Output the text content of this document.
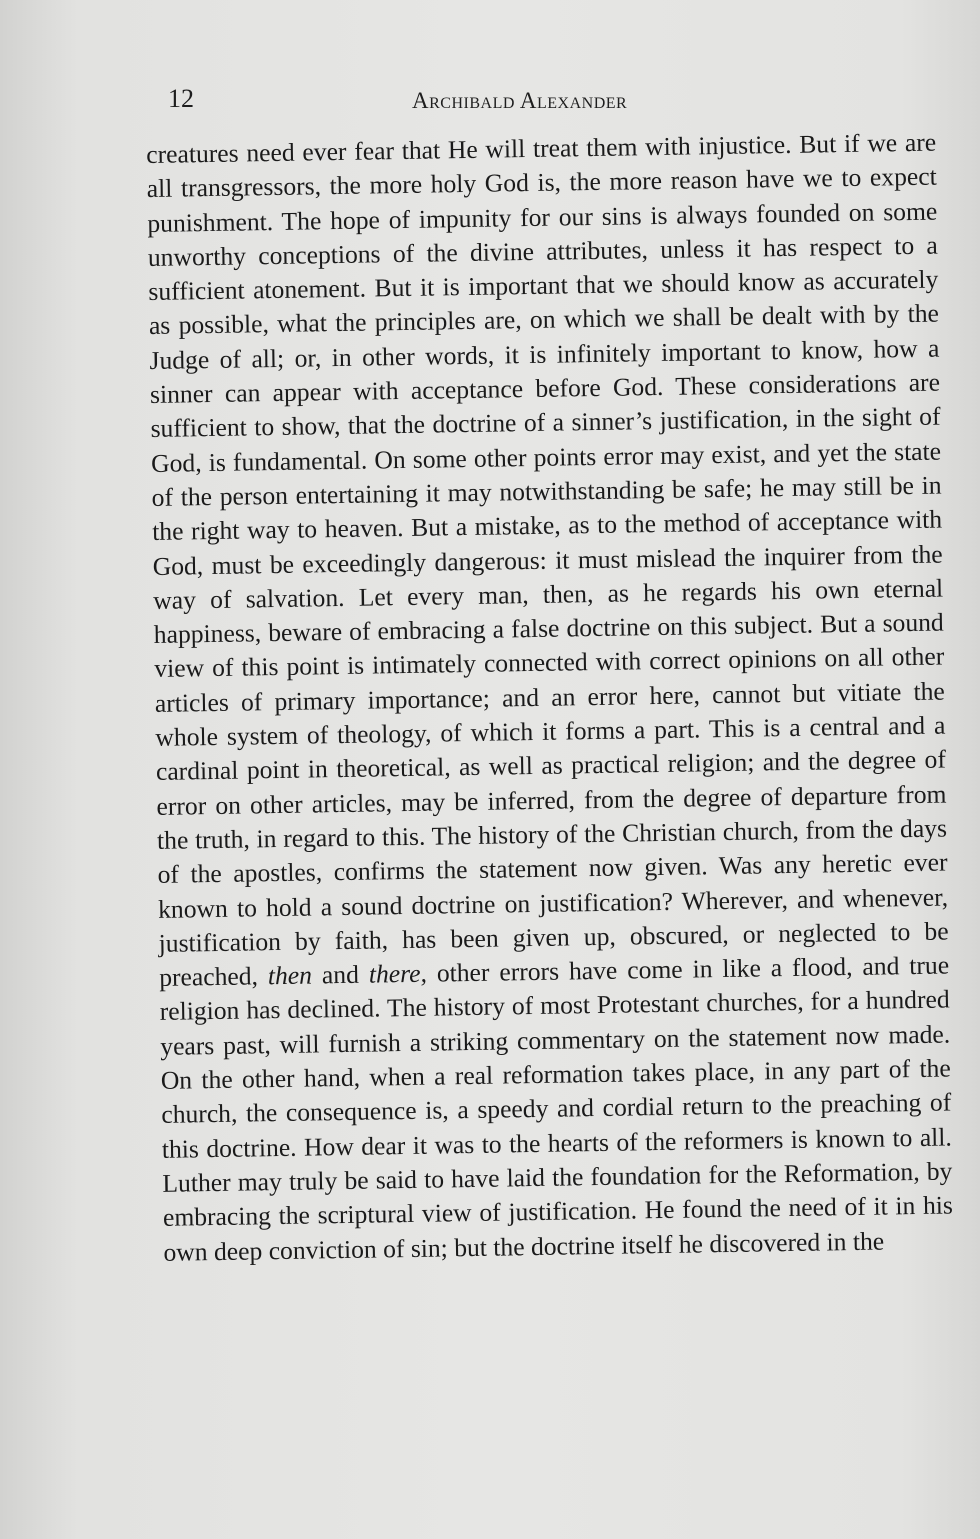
12	Archibald Alexander

creatures need ever fear that He will treat them with injustice. But if we are all transgressors, the more holy God is, the more reason have we to expect punishment. The hope of impunity for our sins is always founded on some unworthy conceptions of the divine attributes, unless it has respect to a sufficient atonement. But it is important that we should know as accurately as possible, what the principles are, on which we shall be dealt with by the Judge of all; or, in other words, it is infinitely important to know, how a sinner can appear with acceptance before God. These considerations are sufficient to show, that the doctrine of a sinner’s justification, in the sight of God, is fundamental. On some other points error may exist, and yet the state of the person entertaining it may notwithstanding be safe; he may still be in the right way to heaven. But a mistake, as to the method of acceptance with God, must be exceedingly dangerous: it must mislead the inquirer from the way of salvation. Let every man, then, as he regards his own eternal happiness, beware of embracing a false doctrine on this subject. But a sound view of this point is intimately connected with correct opinions on all other articles of primary importance; and an error here, cannot but vitiate the whole system of theology, of which it forms a part. This is a central and a cardinal point in theoretical, as well as practical religion; and the degree of error on other articles, may be inferred, from the degree of departure from the truth, in regard to this. The history of the Christian church, from the days of the apostles, confirms the statement now given. Was any heretic ever known to hold a sound doctrine on justification? Wherever, and whenever, justification by faith, has been given up, obscured, or neglected to be preached, then and there, other errors have come in like a flood, and true religion has declined. The history of most Protestant churches, for a hundred years past, will furnish a striking commentary on the statement now made. On the other hand, when a real reformation takes place, in any part of the church, the consequence is, a speedy and cordial return to the preaching of this doctrine. How dear it was to the hearts of the reformers is known to all. Luther may truly be said to have laid the foundation for the Reformation, by embracing the scriptural view of justification. He found the need of it in his own deep conviction of sin; but the doctrine itself he discovered in the
